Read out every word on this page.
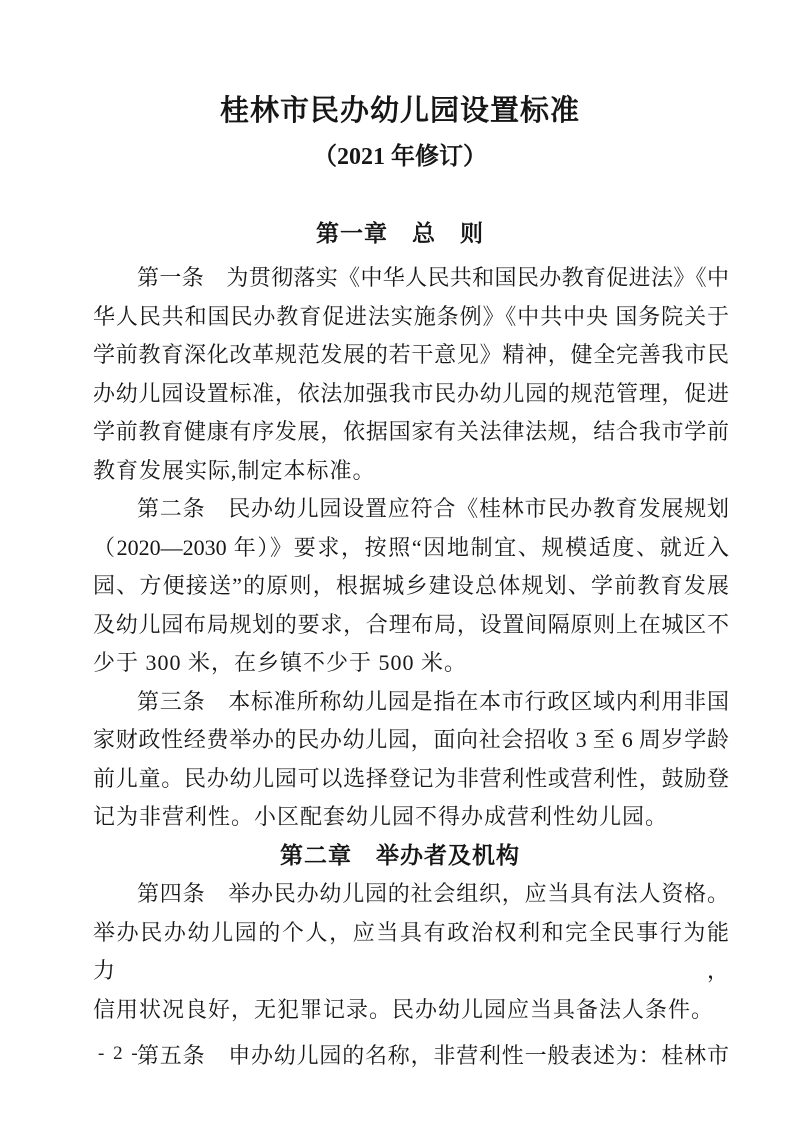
桂林市民办幼儿园设置标准
（2021 年修订）
第一章　总　则
第一条　为贯彻落实《中华人民共和国民办教育促进法》《中
华人民共和国民办教育促进法实施条例》《中共中央 国务院关于
学前教育深化改革规范发展的若干意见》精神，健全完善我市民
办幼儿园设置标准，依法加强我市民办幼儿园的规范管理，促进
学前教育健康有序发展，依据国家有关法律法规，结合我市学前
教育发展实际,制定本标准。
第二条　民办幼儿园设置应符合《桂林市民办教育发展规划
（2020—2030 年）》要求，按照“因地制宜、规模适度、就近入
园、方便接送”的原则，根据城乡建设总体规划、学前教育发展
及幼儿园布局规划的要求，合理布局，设置间隔原则上在城区不
少于 300 米，在乡镇不少于 500 米。
第三条　本标准所称幼儿园是指在本市行政区域内利用非国
家财政性经费举办的民办幼儿园，面向社会招收 3 至 6 周岁学龄
前儿童。民办幼儿园可以选择登记为非营利性或营利性，鼓励登
记为非营利性。小区配套幼儿园不得办成营利性幼儿园。
第二章　举办者及机构
第四条　举办民办幼儿园的社会组织，应当具有法人资格。
举办民办幼儿园的个人，应当具有政治权利和完全民事行为能力，
信用状况良好，无犯罪记录。民办幼儿园应当具备法人条件。
第五条　申办幼儿园的名称，非营利性一般表述为：桂林市
- 2 -
